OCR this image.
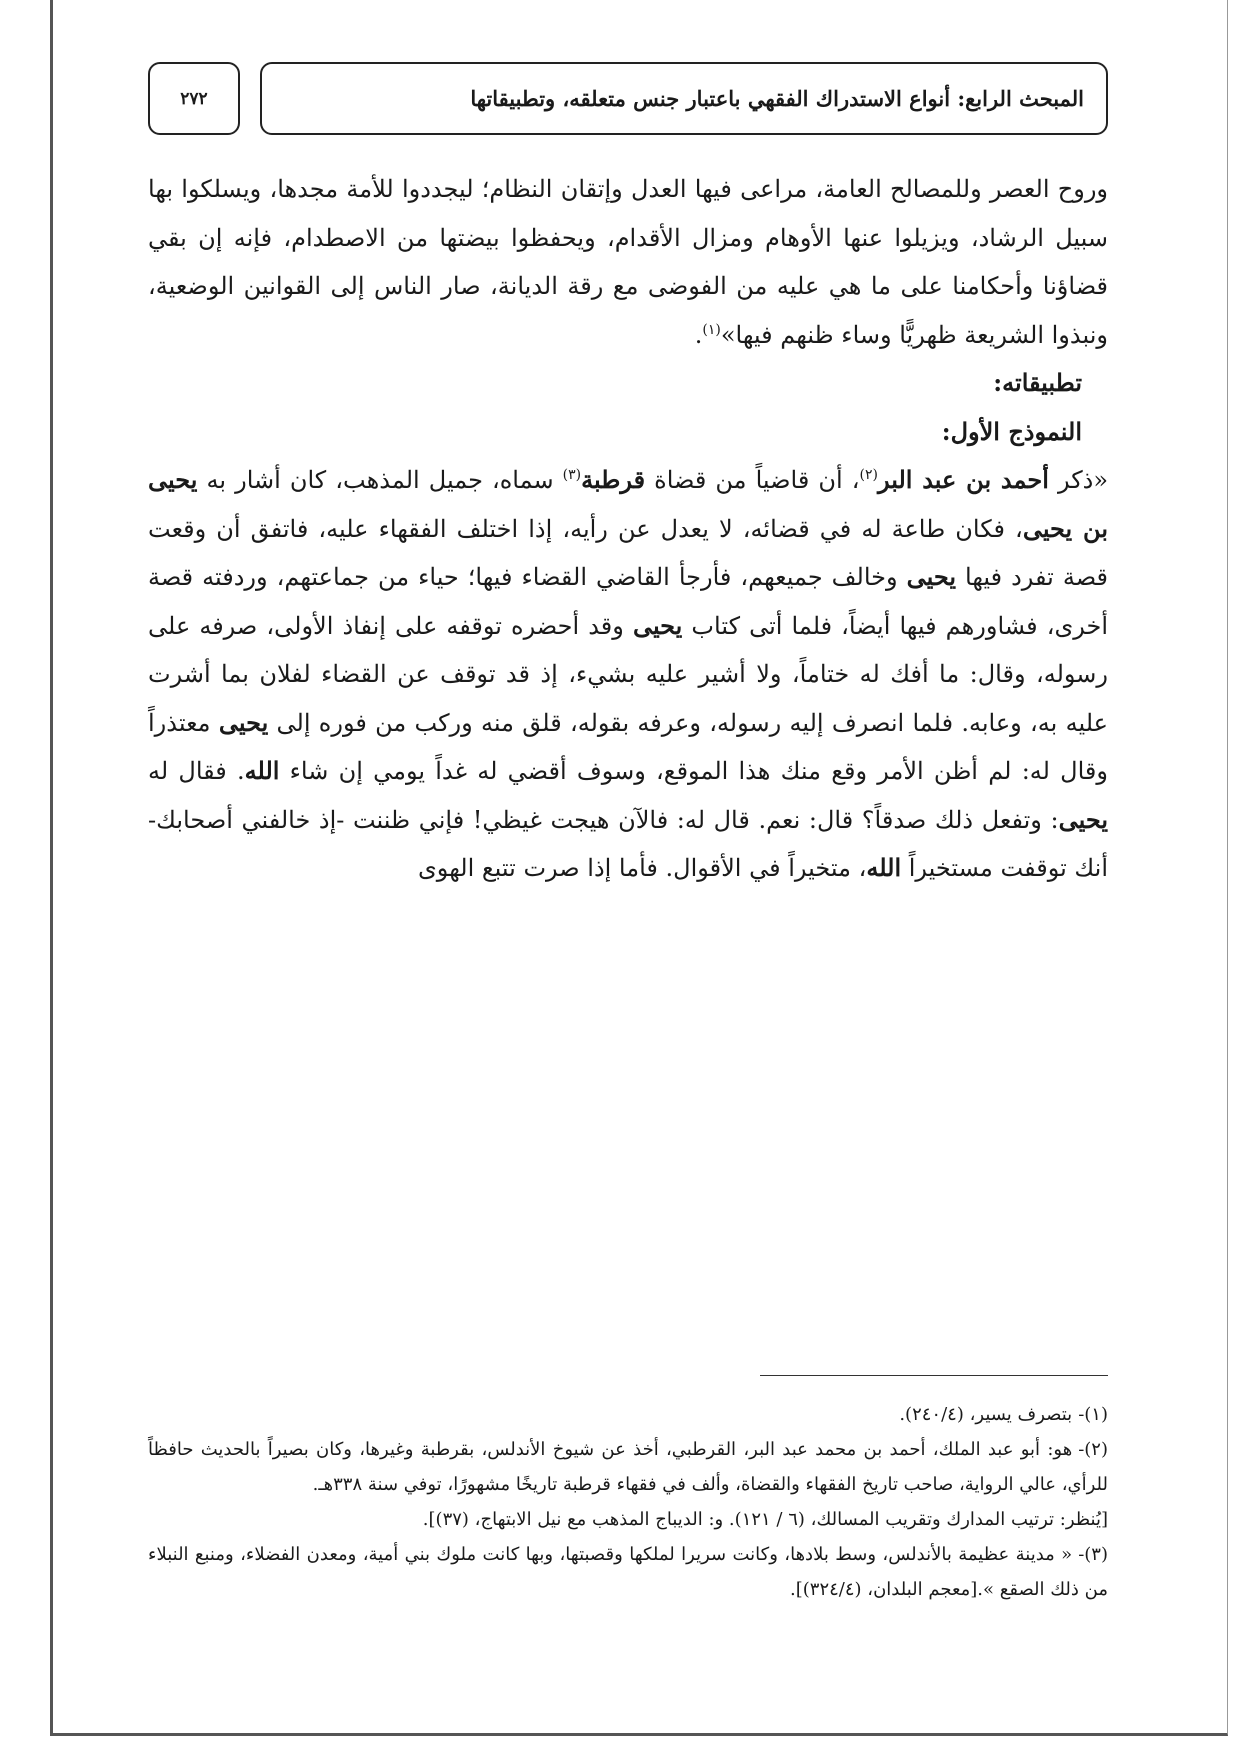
٢٧٢	المبحث الرابع: أنواع الاستدراك الفقهي باعتبار جنس متعلقه، وتطبيقاتها

وروح العصر وللمصالح العامة، مراعى فيها العدل وإتقان النظام؛ ليجددوا للأمة مجدها، ويسلكوا بها سبيل الرشاد، ويزيلوا عنها الأوهام ومزال الأقدام، ويحفظوا بيضتها من الاصطدام، فإنه إن بقي قضاؤنا وأحكامنا على ما هي عليه من الفوضى مع رقة الديانة، صار الناس إلى القوانين الوضعية، ونبذوا الشريعة ظهريًّا وساء ظنهم فيها»$^{(١)}$.

تطبيقاته:

النموذج الأول:

«ذكر أحمد بن عبد البر$^{(٢)}$، أن قاضياً من قضاة قرطبة$^{(٣)}$ سماه، جميل المذهب، كان أشار به يحيى بن يحيى، فكان طاعة له في قضائه، لا يعدل عن رأيه، إذا اختلف الفقهاء عليه، فاتفق أن وقعت قصة تفرد فيها يحيى وخالف جميعهم، فأرجأ القاضي القضاء فيها؛ حياء من جماعتهم، وردفته قصة أخرى، فشاورهم فيها أيضاً، فلما أتى كتاب يحيى وقد أحضره توقفه على إنفاذ الأولى، صرفه على رسوله، وقال: ما أفك له ختاماً، ولا أشير عليه بشيء، إذ قد توقف عن القضاء لفلان بما أشرت عليه به، وعابه. فلما انصرف إليه رسوله، وعرفه بقوله، قلق منه وركب من فوره إلى يحيى معتذراً وقال له: لم أظن الأمر وقع منك هذا الموقع، وسوف أقضي له غداً يومي إن شاء الله. فقال له يحيى: وتفعل ذلك صدقاً؟ قال: نعم. قال له: فالآن هيجت غيظي! فإني ظننت -إذ خالفني أصحابك- أنك توقفت مستخيراً الله، متخيراً في الأقوال. فأما إذا صرت تتبع الهوى

(١)-بتصرف يسير، (٢٤٠/٤).

(٢)-هو: أبو عبد الملك، أحمد بن محمد عبد البر، القرطبي، أخذ عن شيوخ الأندلس، بقرطبة وغيرها، وكان بصيراً بالحديث حافظاً للرأي، عالي الرواية، صاحب تاريخ الفقهاء والقضاة، وألف في فقهاء قرطبة تاريخًا مشهورًا، توفي سنة ٣٣٨هـ.

[يُنظر: ترتيب المدارك وتقريب المسالك، (٦ / ١٢١). و: الديباج المذهب مع نيل الابتهاج، (٣٧)].

(٣)-« مدينة عظيمة بالأندلس، وسط بلادها، وكانت سريرا لملكها وقصبتها، وبها كانت ملوك بني أمية، ومعدن الفضلاء، ومنبع النبلاء من ذلك الصقع ».[معجم البلدان، (٣٢٤/٤)].
